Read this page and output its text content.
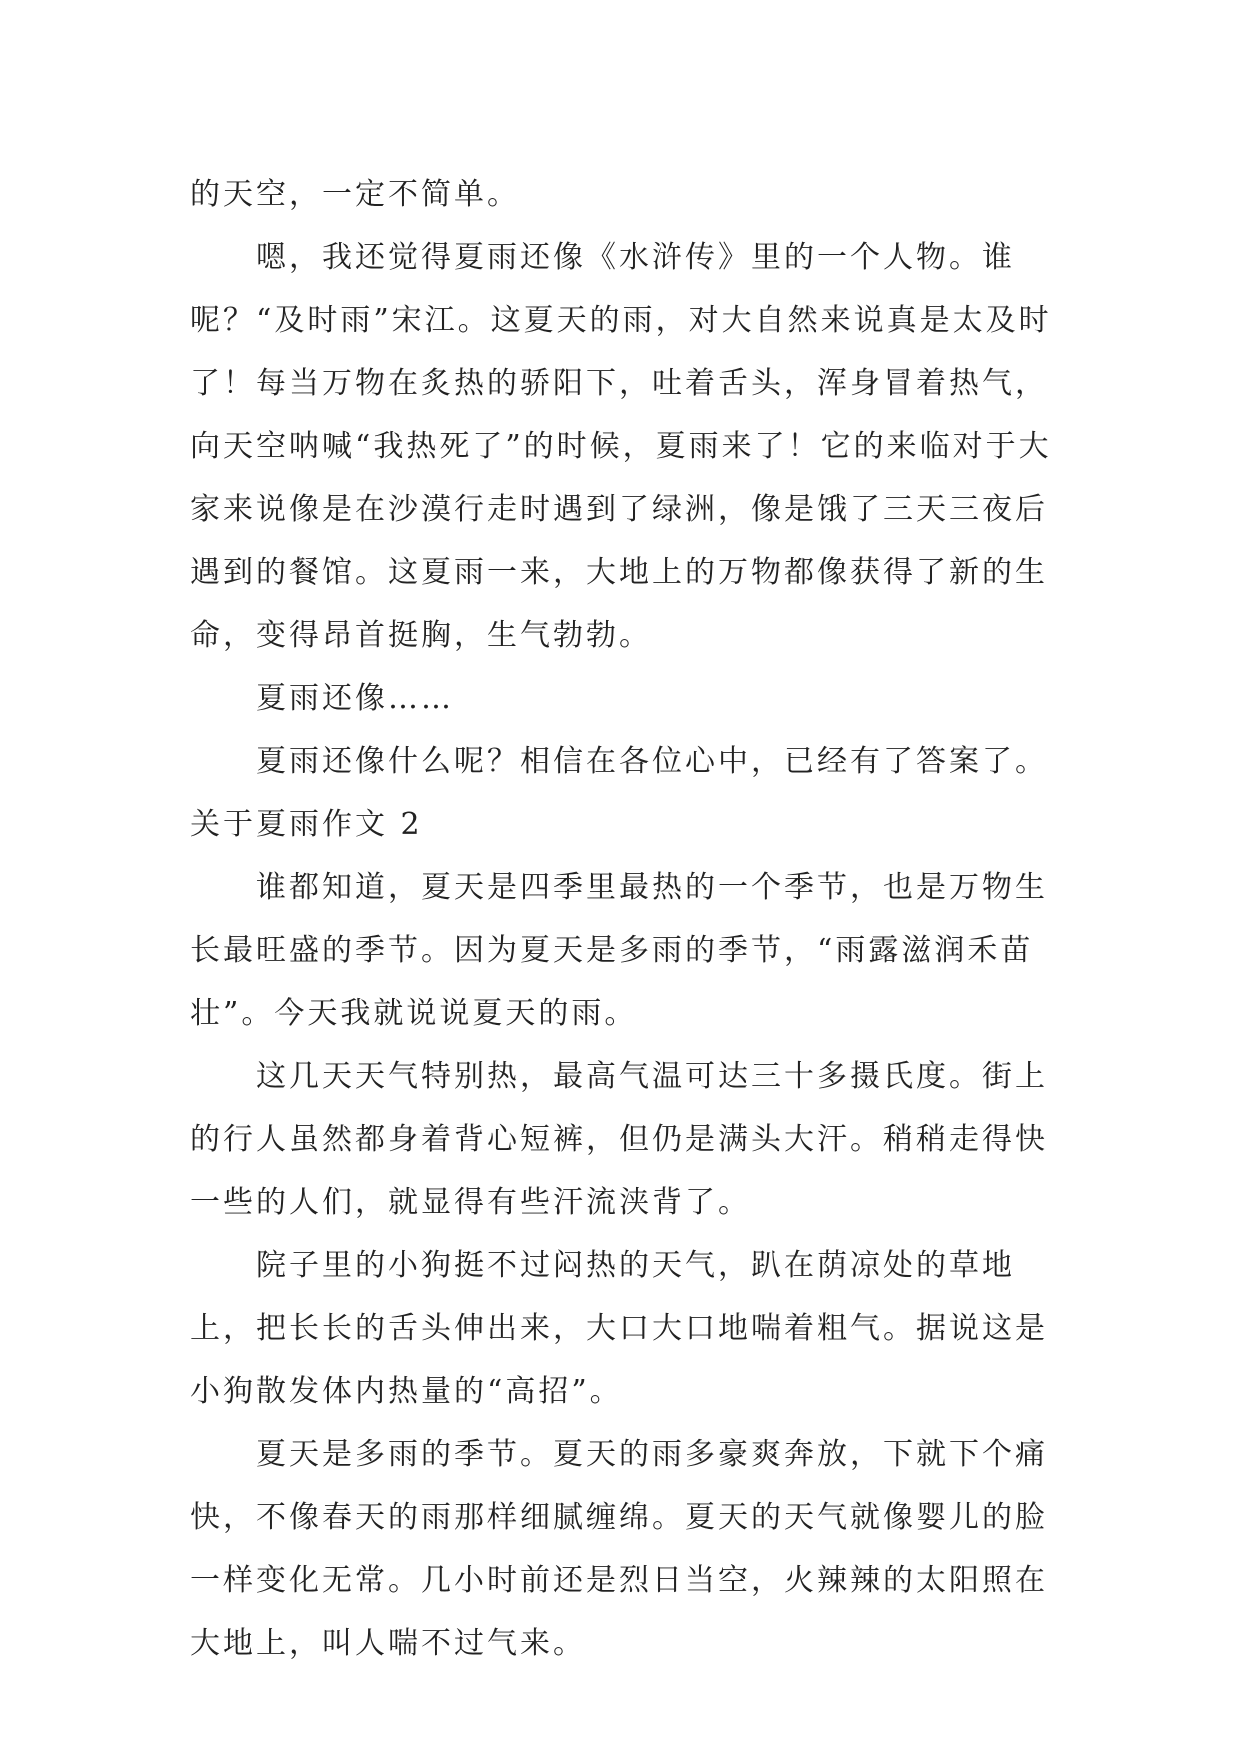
的天空，一定不简单。

嗯，我还觉得夏雨还像《水浒传》里的一个人物。谁呢？“及时雨”宋江。这夏天的雨，对大自然来说真是太及时了！每当万物在炙热的骄阳下，吐着舌头，浑身冒着热气，向天空呐喊“我热死了”的时候，夏雨来了！它的来临对于大家来说像是在沙漠行走时遇到了绿洲，像是饿了三天三夜后遇到的餐馆。这夏雨一来，大地上的万物都像获得了新的生命，变得昂首挺胸，生气勃勃。

夏雨还像……

夏雨还像什么呢？相信在各位心中，已经有了答案了。

关于夏雨作文 2

谁都知道，夏天是四季里最热的一个季节，也是万物生长最旺盛的季节。因为夏天是多雨的季节，“雨露滋润禾苗壮”。今天我就说说夏天的雨。

这几天天气特别热，最高气温可达三十多摄氏度。街上的行人虽然都身着背心短裤，但仍是满头大汗。稍稍走得快一些的人们，就显得有些汗流浃背了。

院子里的小狗挺不过闷热的天气，趴在荫凉处的草地上，把长长的舌头伸出来，大口大口地喘着粗气。据说这是小狗散发体内热量的“高招”。

夏天是多雨的季节。夏天的雨多豪爽奔放，下就下个痛快，不像春天的雨那样细腻缠绵。夏天的天气就像婴儿的脸一样变化无常。几小时前还是烈日当空，火辣辣的太阳照在大地上，叫人喘不过气来。
